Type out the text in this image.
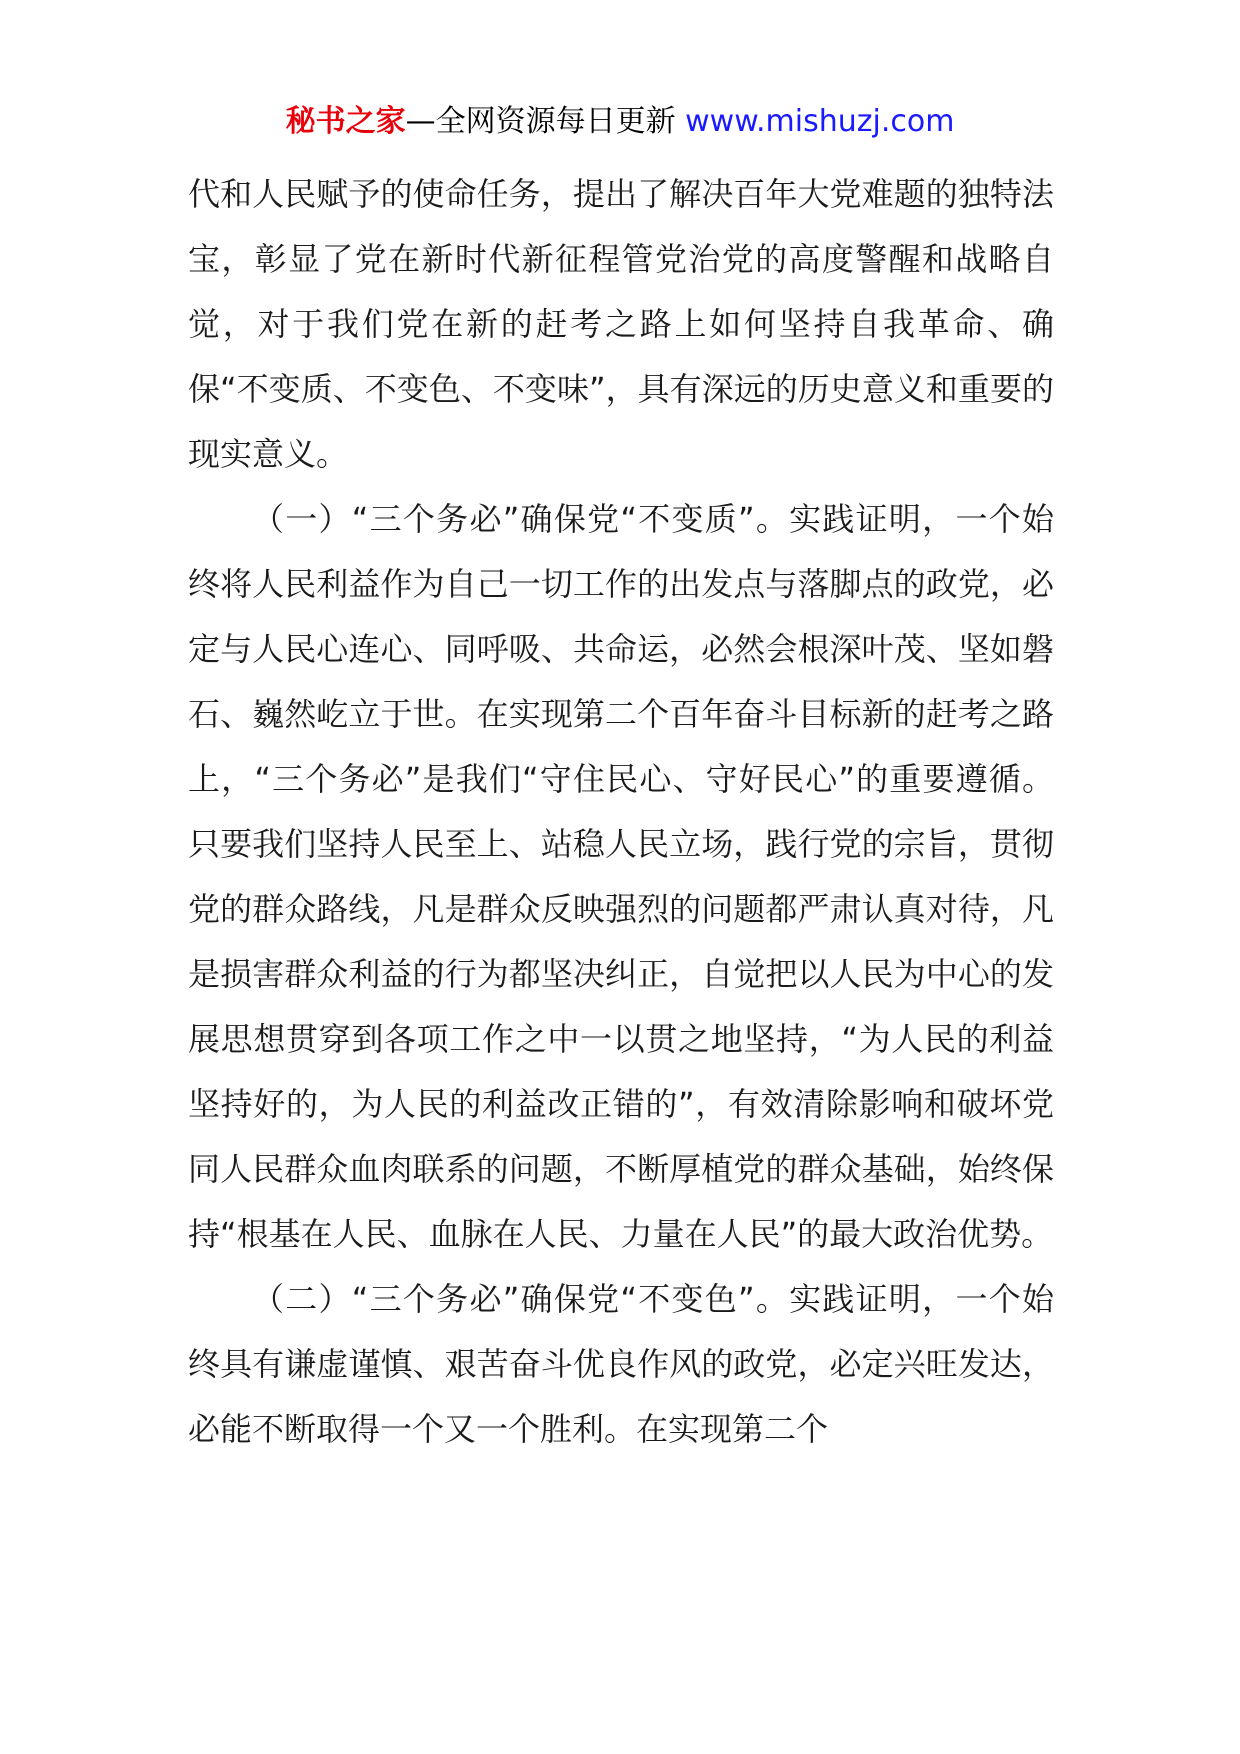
秘书之家—全网资源每日更新 www.mishuzj.com

代和人民赋予的使命任务，提出了解决百年大党难题的独特法宝，彰显了党在新时代新征程管党治党的高度警醒和战略自觉，对于我们党在新的赶考之路上如何坚持自我革命、确保“不变质、不变色、不变味”，具有深远的历史意义和重要的现实意义。

（一）“三个务必”确保党“不变质”。实践证明，一个始终将人民利益作为自己一切工作的出发点与落脚点的政党，必定与人民心连心、同呼吸、共命运，必然会根深叶茂、坚如磐石、巍然屹立于世。在实现第二个百年奋斗目标新的赶考之路上，“三个务必”是我们“守住民心、守好民心”的重要遵循。只要我们坚持人民至上、站稳人民立场，践行党的宗旨，贯彻党的群众路线，凡是群众反映强烈的问题都严肃认真对待，凡是损害群众利益的行为都坚决纠正，自觉把以人民为中心的发展思想贯穿到各项工作之中一以贯之地坚持，“为人民的利益坚持好的，为人民的利益改正错的”，有效清除影响和破坏党同人民群众血肉联系的问题，不断厚植党的群众基础，始终保持“根基在人民、血脉在人民、力量在人民”的最大政治优势。

（二）“三个务必”确保党“不变色”。实践证明，一个始终具有谦虚谨慎、艰苦奋斗优良作风的政党，必定兴旺发达，必能不断取得一个又一个胜利。在实现第二个
